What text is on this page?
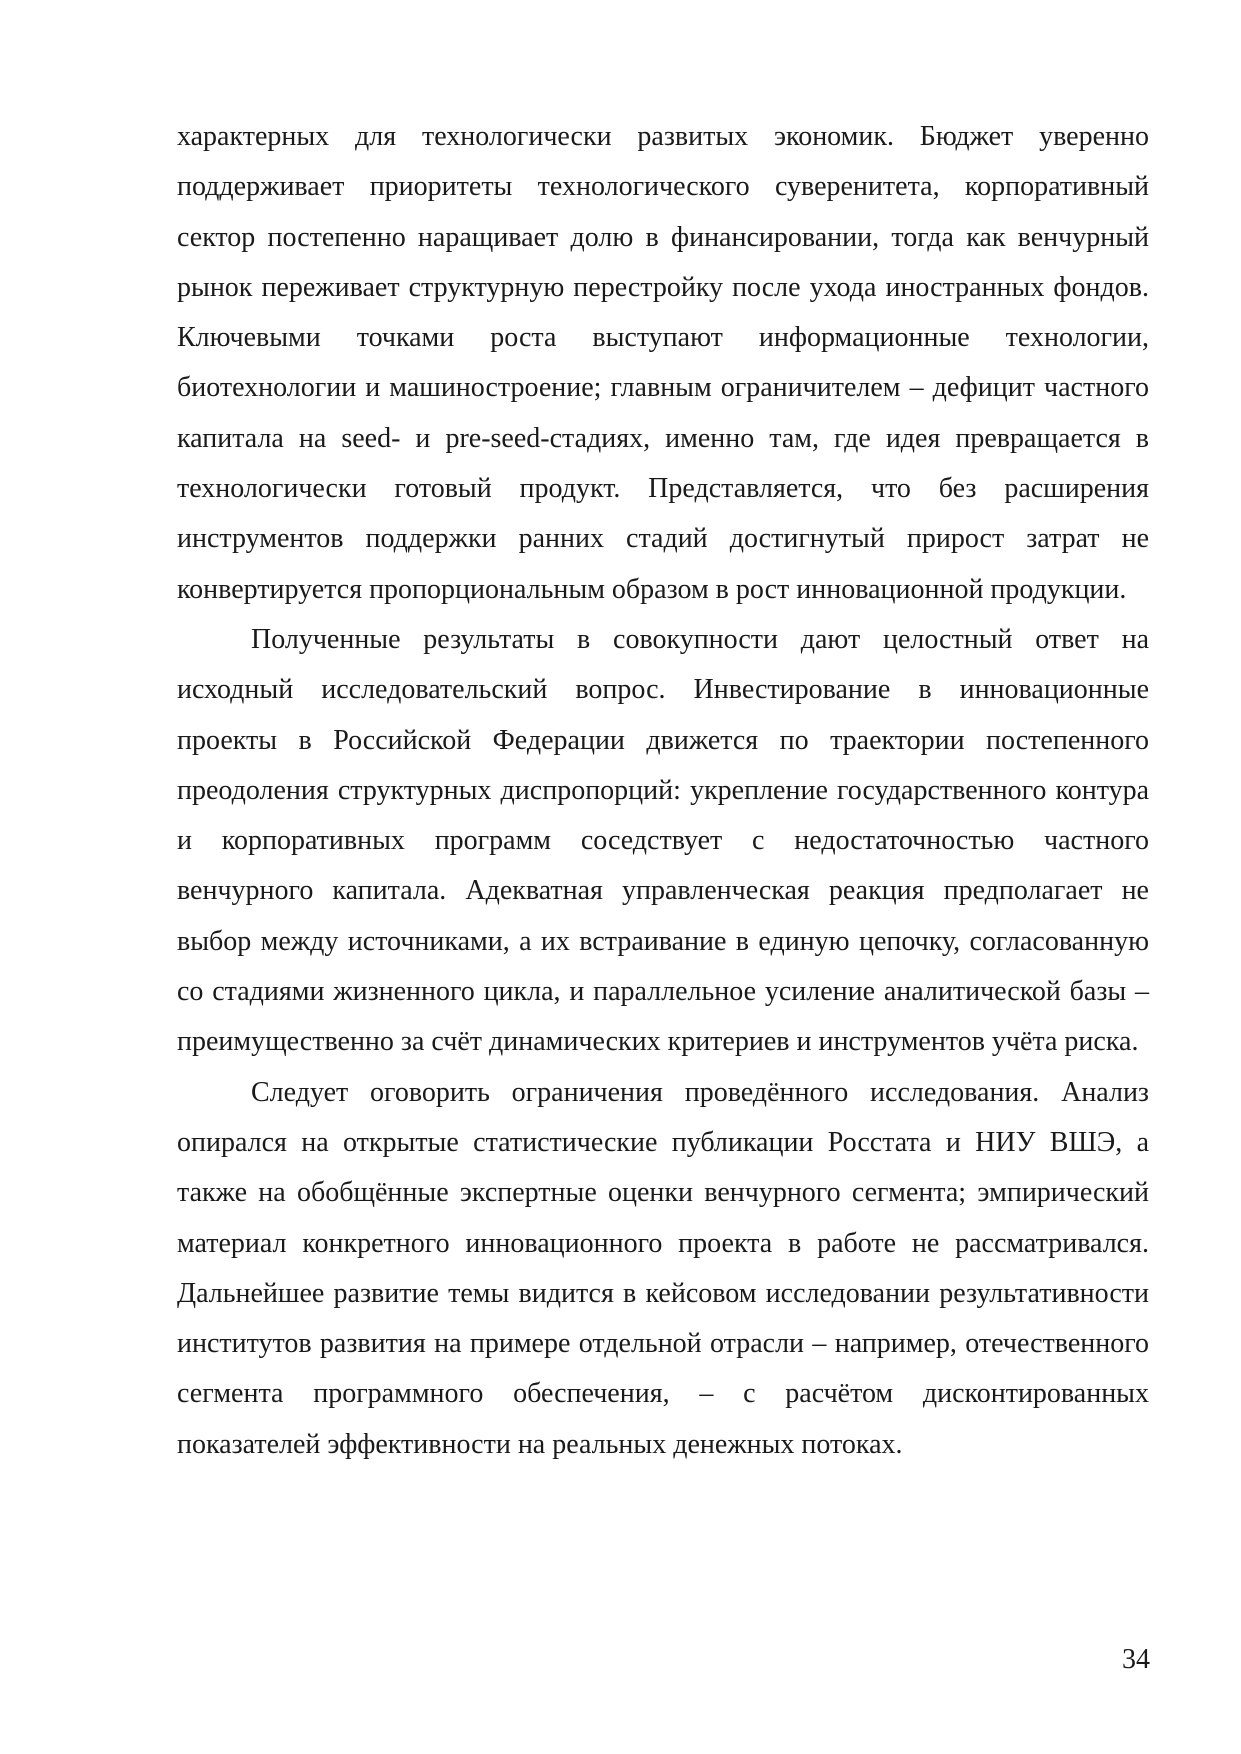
характерных для технологически развитых экономик. Бюджет уверенно поддерживает приоритеты технологического суверенитета, корпоративный сектор постепенно наращивает долю в финансировании, тогда как венчурный рынок переживает структурную перестройку после ухода иностранных фондов. Ключевыми точками роста выступают информационные технологии, биотехнологии и машиностроение; главным ограничителем – дефицит частного капитала на seed- и pre-seed-стадиях, именно там, где идея превращается в технологически готовый продукт. Представляется, что без расширения инструментов поддержки ранних стадий достигнутый прирост затрат не конвертируется пропорциональным образом в рост инновационной продукции.

Полученные результаты в совокупности дают целостный ответ на исходный исследовательский вопрос. Инвестирование в инновационные проекты в Российской Федерации движется по траектории постепенного преодоления структурных диспропорций: укрепление государственного контура и корпоративных программ соседствует с недостаточностью частного венчурного капитала. Адекватная управленческая реакция предполагает не выбор между источниками, а их встраивание в единую цепочку, согласованную со стадиями жизненного цикла, и параллельное усиление аналитической базы – преимущественно за счёт динамических критериев и инструментов учёта риска.

Следует оговорить ограничения проведённого исследования. Анализ опирался на открытые статистические публикации Росстата и НИУ ВШЭ, а также на обобщённые экспертные оценки венчурного сегмента; эмпирический материал конкретного инновационного проекта в работе не рассматривался. Дальнейшее развитие темы видится в кейсовом исследовании результативности институтов развития на примере отдельной отрасли – например, отечественного сегмента программного обеспечения, – с расчётом дисконтированных показателей эффективности на реальных денежных потоках.

34
